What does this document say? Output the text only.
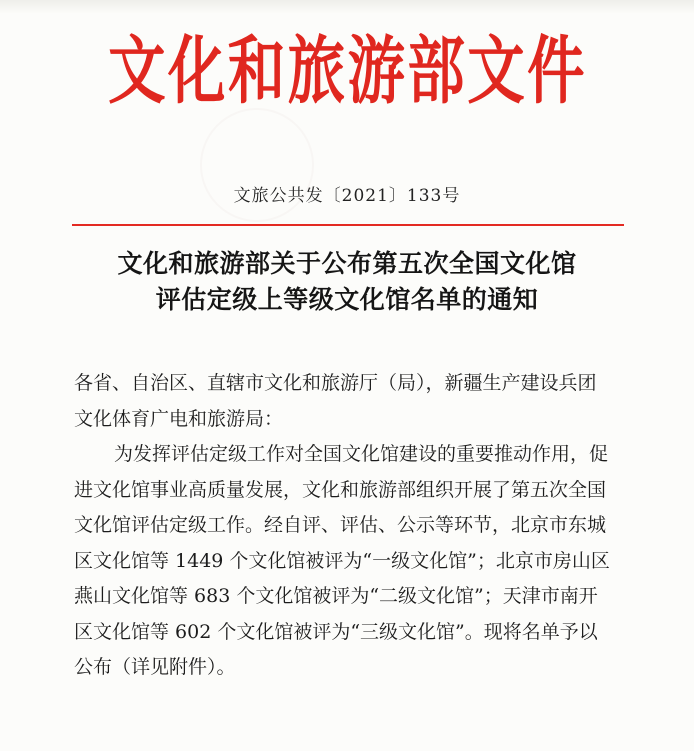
文化和旅游部文件
文旅公共发〔2021〕133号
文化和旅游部关于公布第五次全国文化馆
评估定级上等级文化馆名单的通知
各省、自治区、直辖市文化和旅游厅（局），新疆生产建设兵团
文化体育广电和旅游局：
为发挥评估定级工作对全国文化馆建设的重要推动作用，促
进文化馆事业高质量发展，文化和旅游部组织开展了第五次全国
文化馆评估定级工作。经自评、评估、公示等环节，北京市东城
区文化馆等 1449 个文化馆被评为“一级文化馆”；北京市房山区
燕山文化馆等 683 个文化馆被评为“二级文化馆”；天津市南开
区文化馆等 602 个文化馆被评为“三级文化馆”。现将名单予以
公布（详见附件）。
